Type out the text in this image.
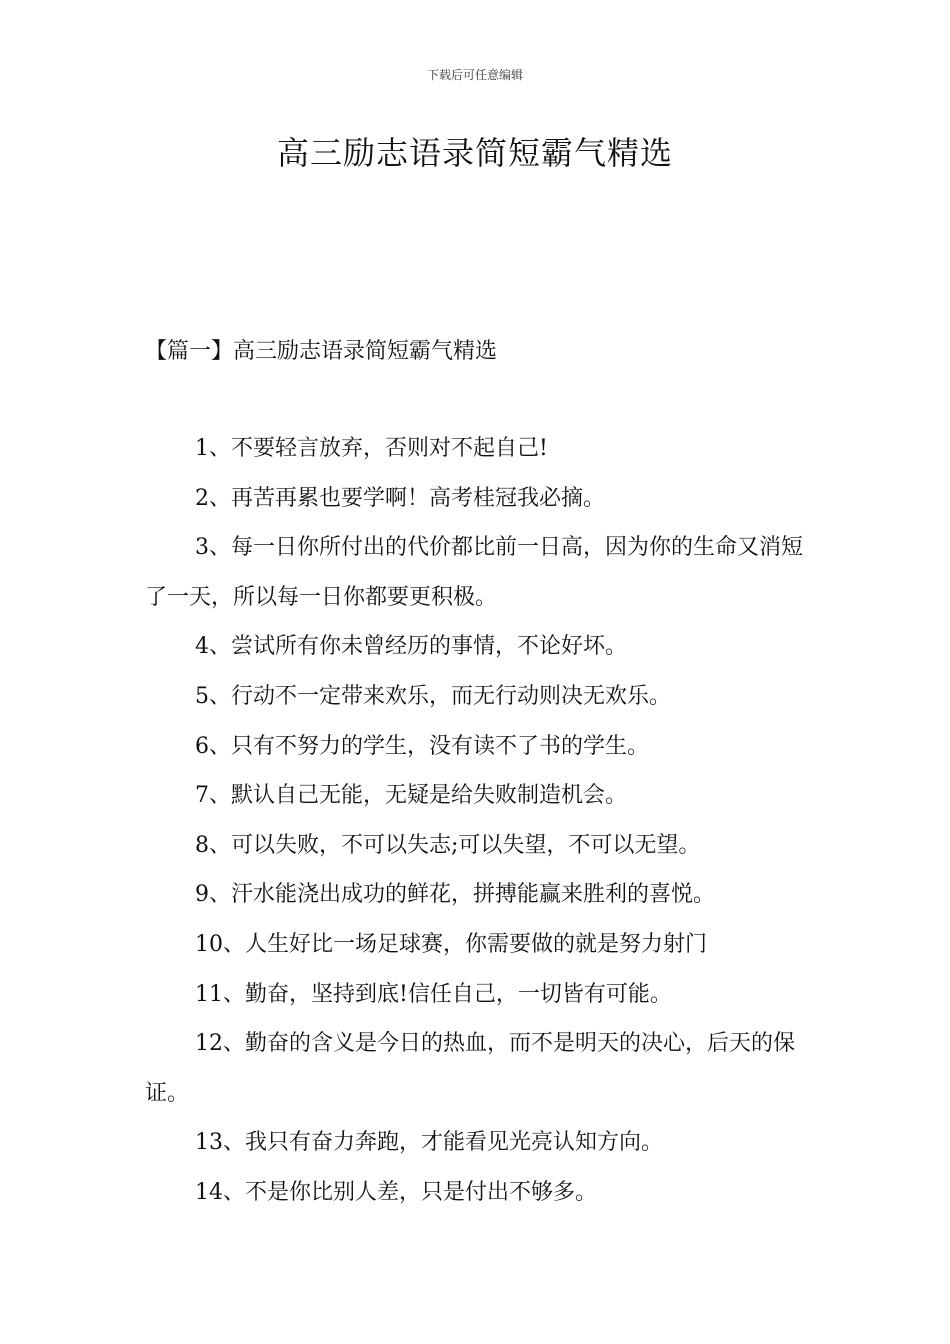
下载后可任意编辑
高三励志语录简短霸气精选
【篇一】高三励志语录简短霸气精选

1、不要轻言放弃，否则对不起自己!

2、再苦再累也要学啊！高考桂冠我必摘。

3、每一日你所付出的代价都比前一日高，因为你的生命又消短了一天，所以每一日你都要更积极。

4、尝试所有你未曾经历的事情，不论好坏。

5、行动不一定带来欢乐，而无行动则决无欢乐。

6、只有不努力的学生，没有读不了书的学生。

7、默认自己无能，无疑是给失败制造机会。

8、可以失败，不可以失志;可以失望，不可以无望。

9、汗水能浇出成功的鲜花，拼搏能赢来胜利的喜悦。

10、人生好比一场足球赛，你需要做的就是努力射门

11、勤奋，坚持到底!信任自己，一切皆有可能。

12、勤奋的含义是今日的热血，而不是明天的决心，后天的保证。

13、我只有奋力奔跑，才能看见光亮认知方向。

14、不是你比别人差，只是付出不够多。
